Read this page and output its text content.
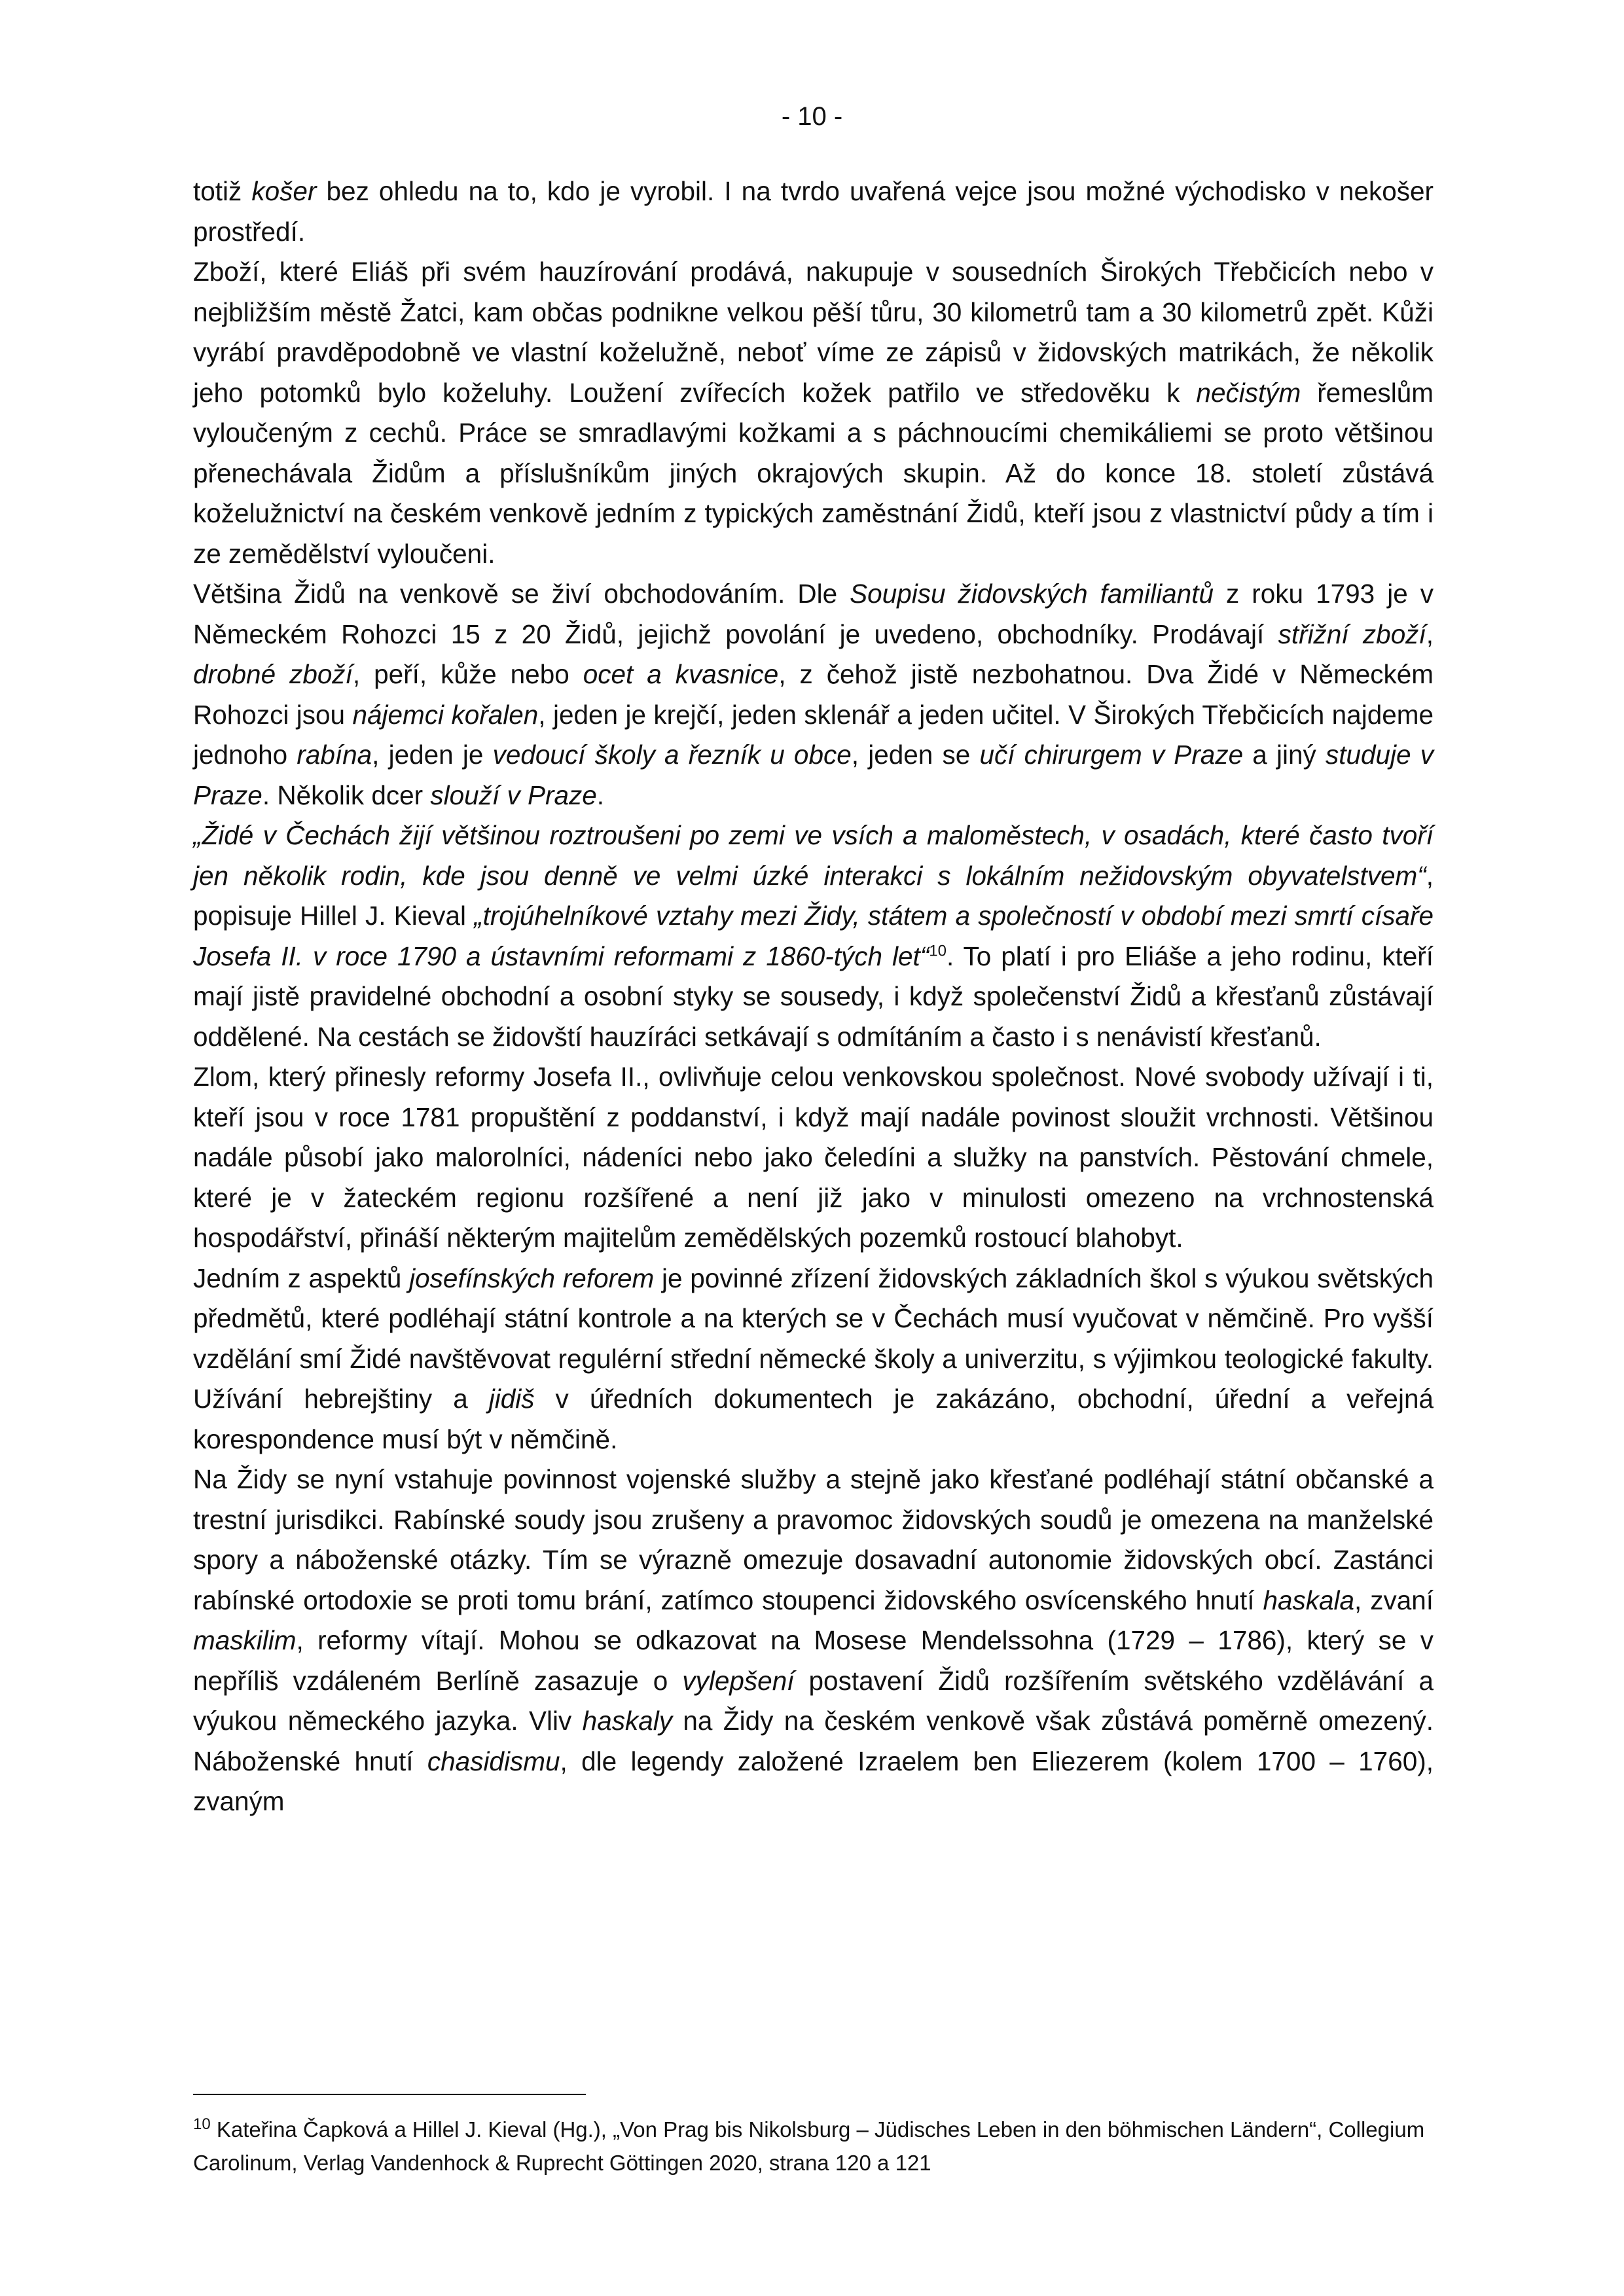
- 10 -

totiž košer bez ohledu na to, kdo je vyrobil. I na tvrdo uvařená vejce jsou možné východisko v nekošer prostředí.

Zboží, které Eliáš při svém hauzírování prodává, nakupuje v sousedních Širokých Třebčicích nebo v nejbližším městě Žatci, kam občas podnikne velkou pěší tůru, 30 kilometrů tam a 30 kilometrů zpět. Kůži vyrábí pravděpodobně ve vlastní koželužně, neboť víme ze zápisů v židovských matrikách, že několik jeho potomků bylo koželuhy. Loužení zvířecích kožek patřilo ve středověku k nečistým řemeslům vyloučeným z cechů. Práce se smradlavými kožkami a s páchnoucími chemikáliemi se proto většinou přenechávala Židům a příslušníkům jiných okrajových skupin. Až do konce 18. století zůstává koželužnictví na českém venkově jedním z typických zaměstnání Židů, kteří jsou z vlastnictví půdy a tím i ze zemědělství vyloučeni.

Většina Židů na venkově se živí obchodováním. Dle Soupisu židovských familiantů z roku 1793 je v Německém Rohozci 15 z 20 Židů, jejichž povolání je uvedeno, obchodníky. Prodávají střižní zboží, drobné zboží, peří, kůže nebo ocet a kvasnice, z čehož jistě nezbohatnou. Dva Židé v Německém Rohozci jsou nájemci kořalen, jeden je krejčí, jeden sklenář a jeden učitel. V Širokých Třebčicích najdeme jednoho rabína, jeden je vedoucí školy a řezník u obce, jeden se učí chirurgem v Praze a jiný studuje v Praze. Několik dcer slouží v Praze.

„Židé v Čechách žijí většinou roztroušeni po zemi ve vsích a maloměstech, v osadách, které často tvoří jen několik rodin, kde jsou denně ve velmi úzké interakci s lokálním nežidovským obyvatelstvem“, popisuje Hillel J. Kieval „trojúhelníkové vztahy mezi Židy, státem a společností v období mezi smrtí císaře Josefa II. v roce 1790 a ústavními reformami z 1860-tých let“$^{10}$. To platí i pro Eliáše a jeho rodinu, kteří mají jistě pravidelné obchodní a osobní styky se sousedy, i když společenství Židů a křesťanů zůstávají oddělené. Na cestách se židovští hauzíráci setkávají s odmítáním a často i s nenávistí křesťanů.

Zlom, který přinesly reformy Josefa II., ovlivňuje celou venkovskou společnost. Nové svobody užívají i ti, kteří jsou v roce 1781 propuštění z poddanství, i když mají nadále povinost sloužit vrchnosti. Většinou nadále působí jako malorolníci, nádeníci nebo jako čeledíni a služky na panstvích. Pěstování chmele, které je v žateckém regionu rozšířené a není již jako v minulosti omezeno na vrchnostenská hospodářství, přináší některým majitelům zemědělských pozemků rostoucí blahobyt.

Jedním z aspektů josefínských reforem je povinné zřízení židovských základních škol s výukou světských předmětů, které podléhají státní kontrole a na kterých se v Čechách musí vyučovat v němčině. Pro vyšší vzdělání smí Židé navštěvovat regulérní střední německé školy a univerzitu, s výjimkou teologické fakulty. Užívání hebrejštiny a jidiš v úředních dokumentech je zakázáno, obchodní, úřední a veřejná korespondence musí být v němčině.

Na Židy se nyní vstahuje povinnost vojenské služby a stejně jako křesťané podléhají státní občanské a trestní jurisdikci. Rabínské soudy jsou zrušeny a pravomoc židovských soudů je omezena na manželské spory a náboženské otázky. Tím se výrazně omezuje dosavadní autonomie židovských obcí. Zastánci rabínské ortodoxie se proti tomu brání, zatímco stoupenci židovského osvícenského hnutí haskala, zvaní maskilim, reformy vítají. Mohou se odkazovat na Mosese Mendelssohna (1729 – 1786), který se v nepříliš vzdáleném Berlíně zasazuje o vylepšení postavení Židů rozšířením světského vzdělávání a výukou německého jazyka. Vliv haskaly na Židy na českém venkově však zůstává poměrně omezený. Náboženské hnutí chasidismu, dle legendy založené Izraelem ben Eliezerem (kolem 1700 – 1760), zvaným

$^{10}$ Kateřina Čapková a Hillel J. Kieval (Hg.), „Von Prag bis Nikolsburg – Jüdisches Leben in den böhmischen Ländern“, Collegium Carolinum, Verlag Vandenhock & Ruprecht Göttingen 2020, strana 120 a 121
